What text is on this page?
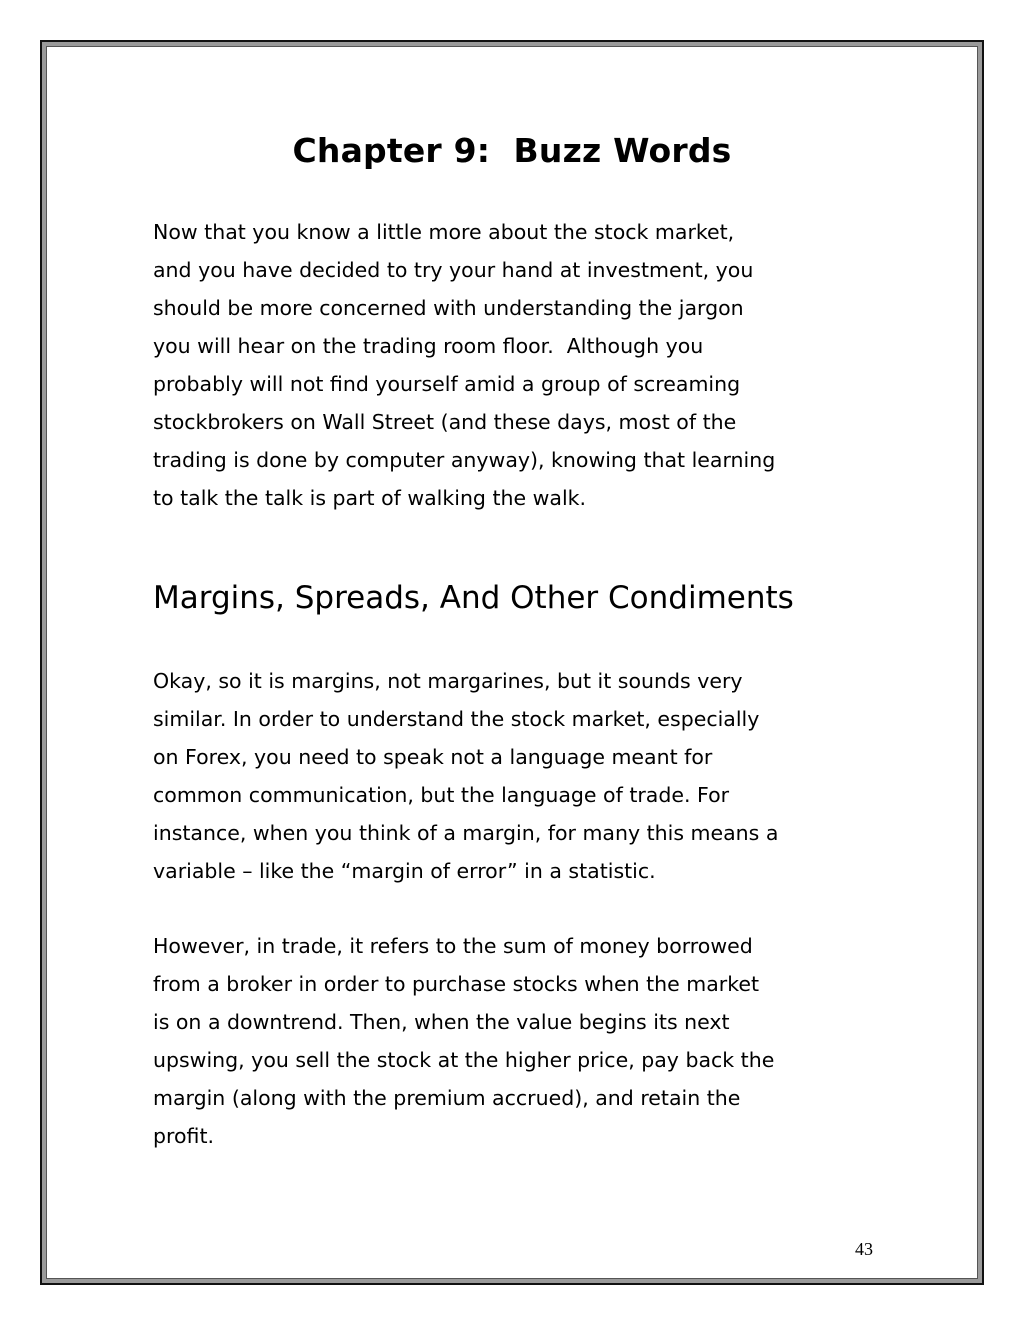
Chapter 9:  Buzz Words

Now that you know a little more about the stock market,
and you have decided to try your hand at investment, you
should be more concerned with understanding the jargon
you will hear on the trading room floor.  Although you
probably will not find yourself amid a group of screaming
stockbrokers on Wall Street (and these days, most of the
trading is done by computer anyway), knowing that learning
to talk the talk is part of walking the walk.

Margins, Spreads, And Other Condiments

Okay, so it is margins, not margarines, but it sounds very
similar. In order to understand the stock market, especially
on Forex, you need to speak not a language meant for
common communication, but the language of trade. For
instance, when you think of a margin, for many this means a
variable – like the “margin of error” in a statistic.

However, in trade, it refers to the sum of money borrowed
from a broker in order to purchase stocks when the market
is on a downtrend. Then, when the value begins its next
upswing, you sell the stock at the higher price, pay back the
margin (along with the premium accrued), and retain the
profit.

43
